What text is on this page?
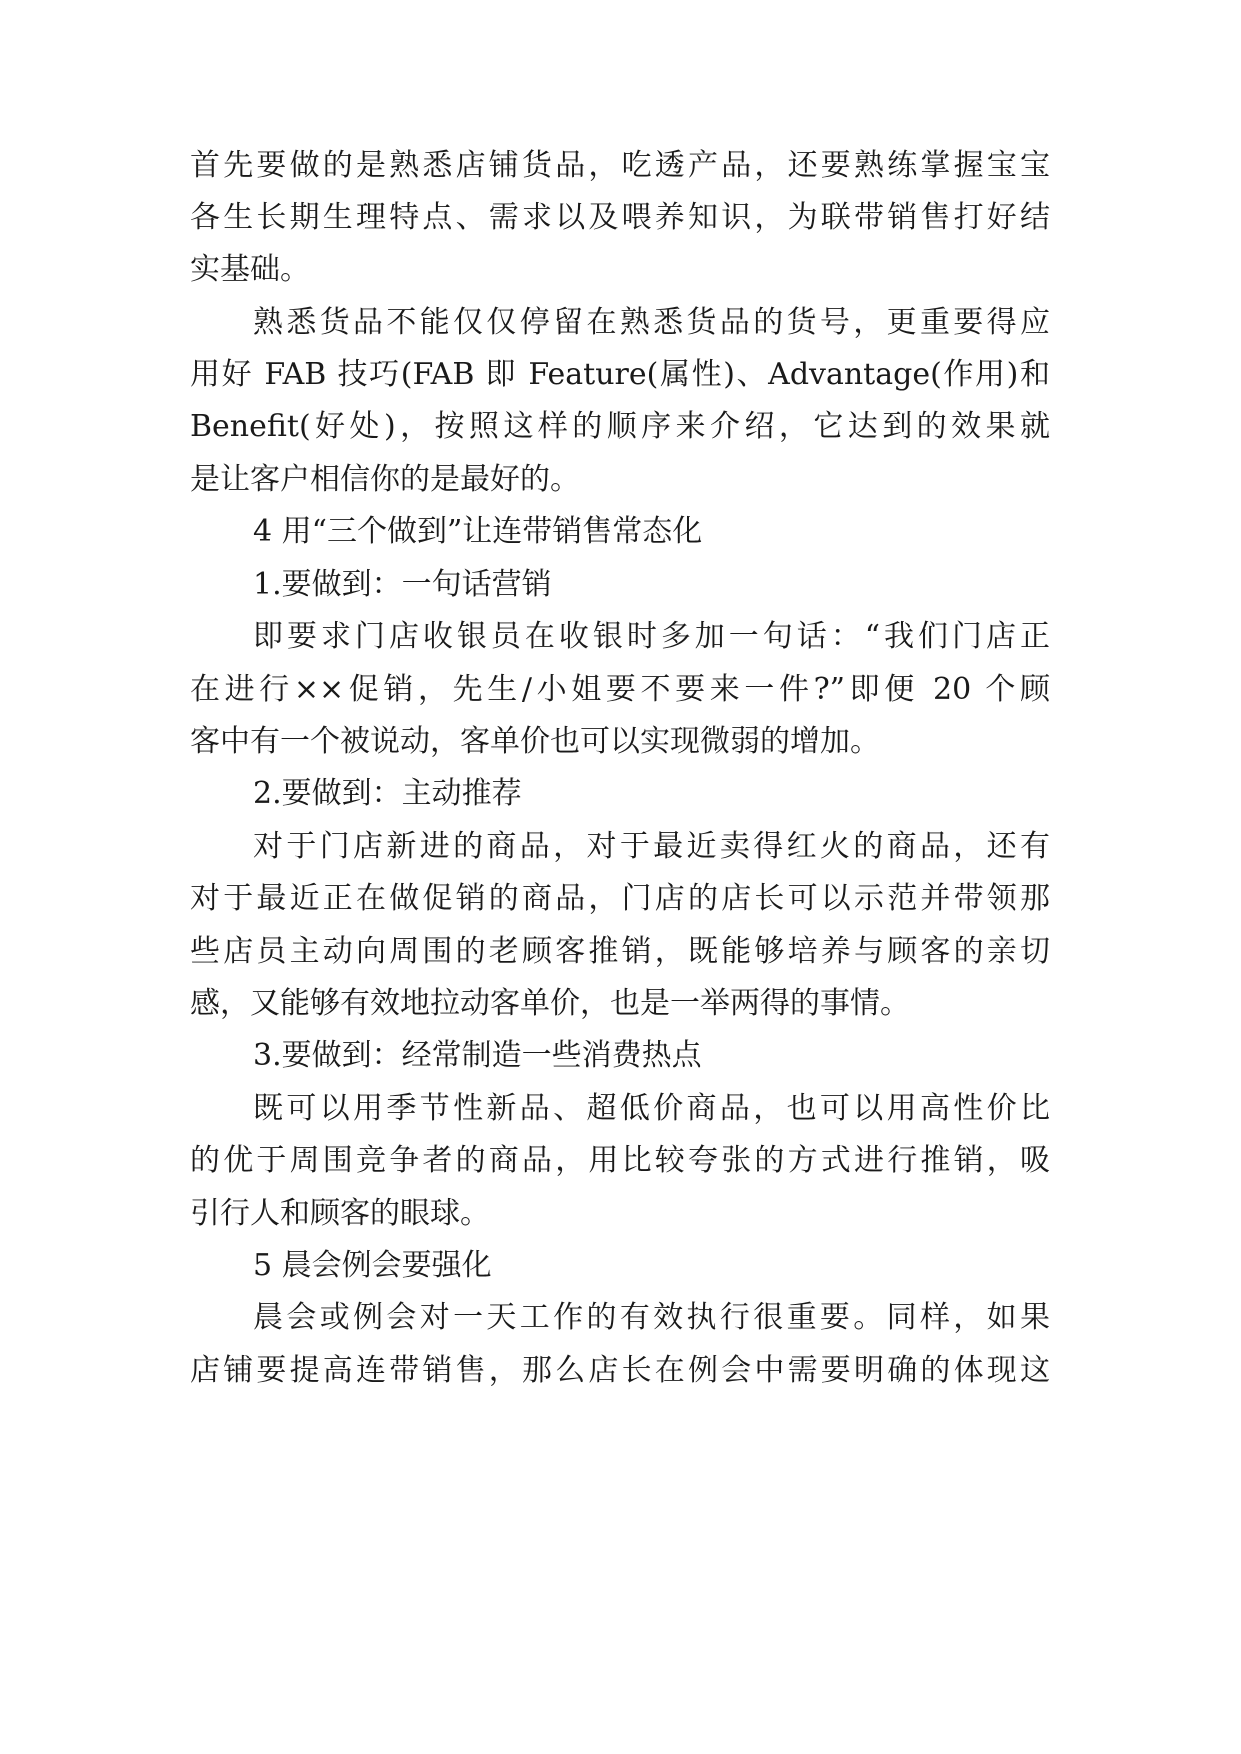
首先要做的是熟悉店铺货品，吃透产品，还要熟练掌握宝宝
各生长期生理特点、需求以及喂养知识，为联带销售打好结
实基础。
熟悉货品不能仅仅停留在熟悉货品的货号，更重要得应
用好 FAB 技巧(FAB 即 Feature(属性)、Advantage(作用)和
Benefit(好处)，按照这样的顺序来介绍，它达到的效果就
是让客户相信你的是最好的。
4 用“三个做到”让连带销售常态化
1.要做到：一句话营销
即要求门店收银员在收银时多加一句话：“我们门店正
在进行××促销，先生/小姐要不要来一件?”即便 20 个顾
客中有一个被说动，客单价也可以实现微弱的增加。
2.要做到：主动推荐
对于门店新进的商品，对于最近卖得红火的商品，还有
对于最近正在做促销的商品，门店的店长可以示范并带领那
些店员主动向周围的老顾客推销，既能够培养与顾客的亲切
感，又能够有效地拉动客单价，也是一举两得的事情。
3.要做到：经常制造一些消费热点
既可以用季节性新品、超低价商品，也可以用高性价比
的优于周围竞争者的商品，用比较夸张的方式进行推销，吸
引行人和顾客的眼球。
5 晨会例会要强化
晨会或例会对一天工作的有效执行很重要。同样，如果
店铺要提高连带销售，那么店长在例会中需要明确的体现这
